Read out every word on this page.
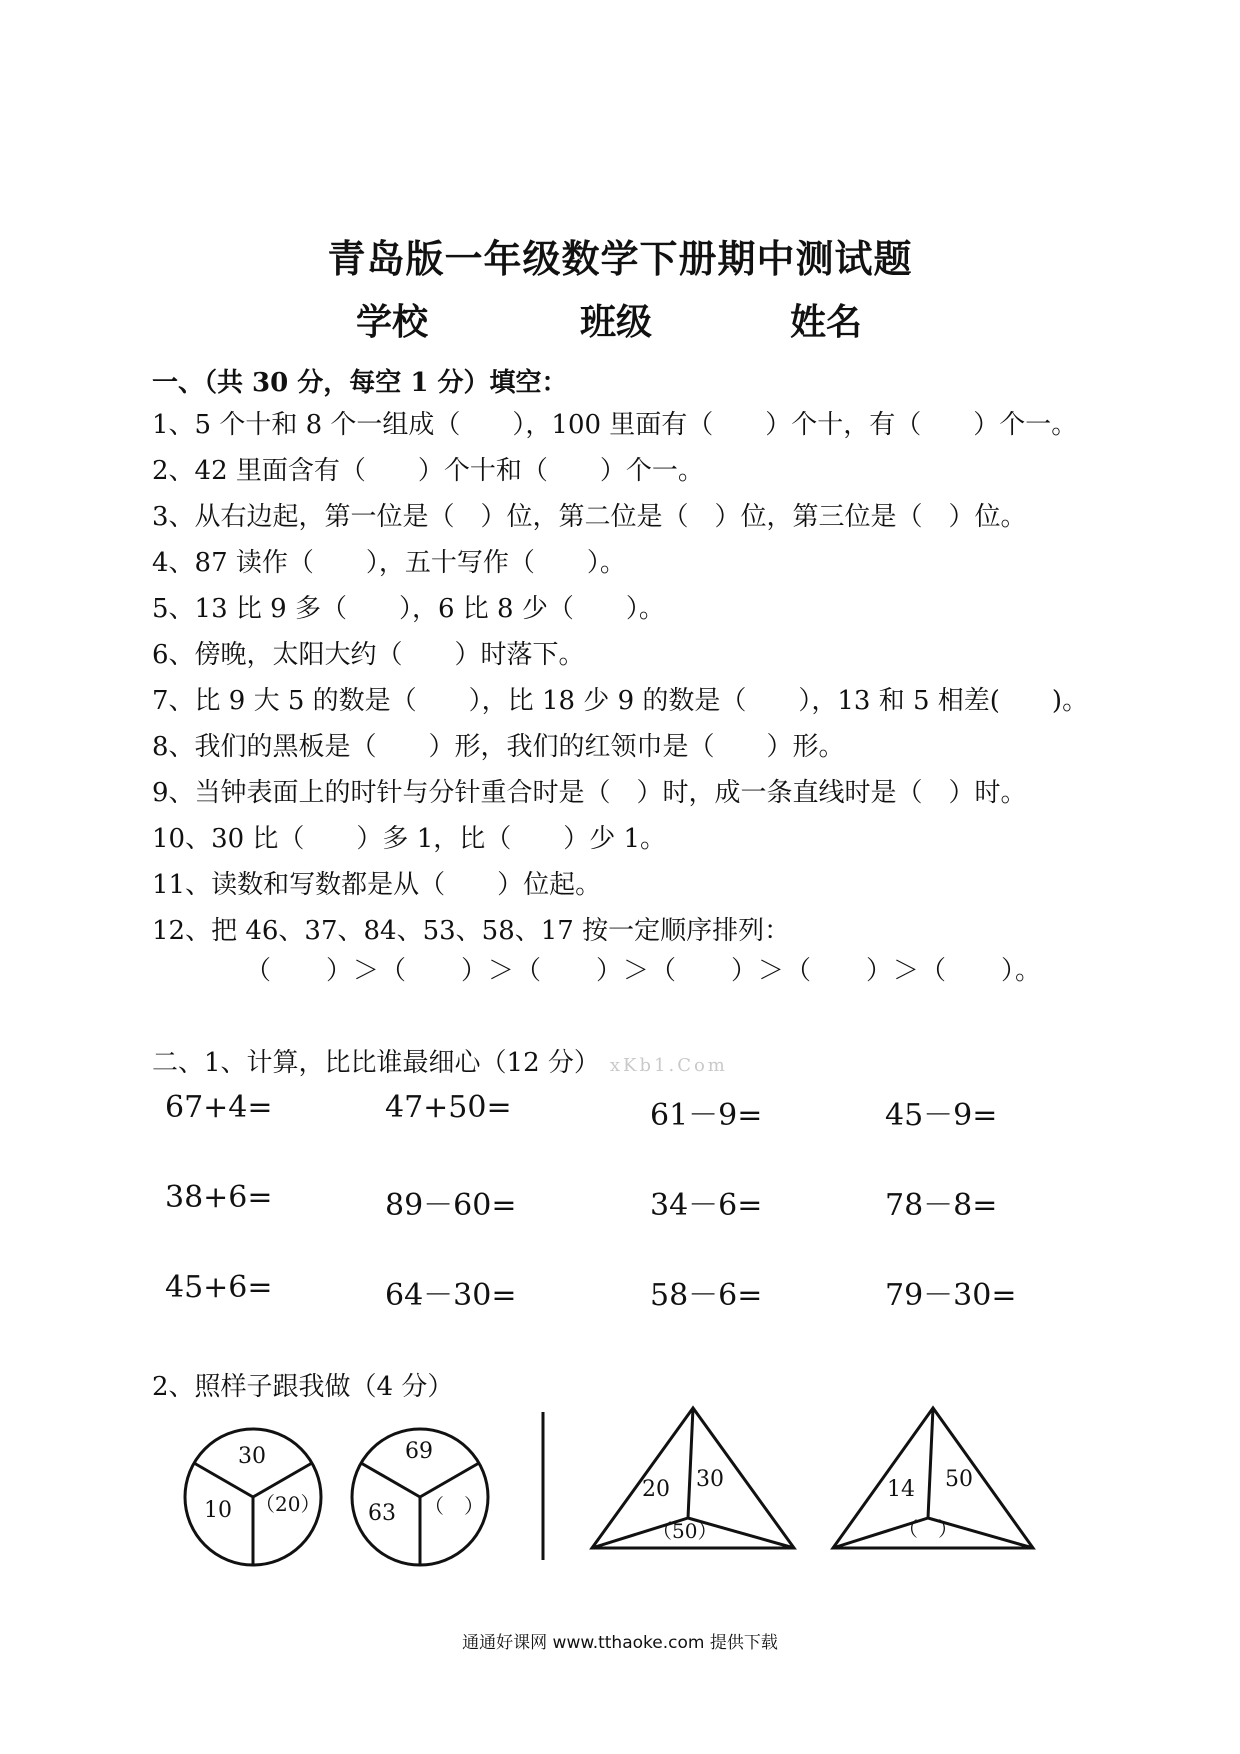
青岛版一年级数学下册期中测试题
学校	班级	姓名
一、（共 30 分，每空 1 分）填空：
1、5 个十和 8 个一组成（　　），100 里面有（　　）个十，有（　　）个一。
2、42 里面含有（　　）个十和（　　）个一。
3、从右边起，第一位是（　）位，第二位是（　）位，第三位是（　）位。
4、87 读作（　　），五十写作（　　）。
5、13 比 9 多（　　），6 比 8 少（　　）。
6、傍晚，太阳大约（　　）时落下。
7、比 9 大 5 的数是（　　），比 18 少 9 的数是（　　），13 和 5 相差(　　)。
8、我们的黑板是（　　）形，我们的红领巾是（　　）形。
9、当钟表面上的时针与分针重合时是（　）时，成一条直线时是（　）时。
10、30 比（　　）多 1，比（　　）少 1。
11、读数和写数都是从（　　）位起。
12、把 46、37、84、53、58、17 按一定顺序排列：
（　　）＞（　　）＞（　　）＞（　　）＞（　　）＞（　　）。
二、1、计算，比比谁最细心（12 分） xKb1.Com
67+4=	47+50=	61－9=	45－9=
38+6=	89－60=	34－6=	78－8=
45+6=	64－30=	58－6=	79－30=
2、照样子跟我做（4 分）
30
10 （20）
69
63 （　）
20 30
（50）
14 50
（　）
通通好课网 www.tthaoke.com 提供下载
